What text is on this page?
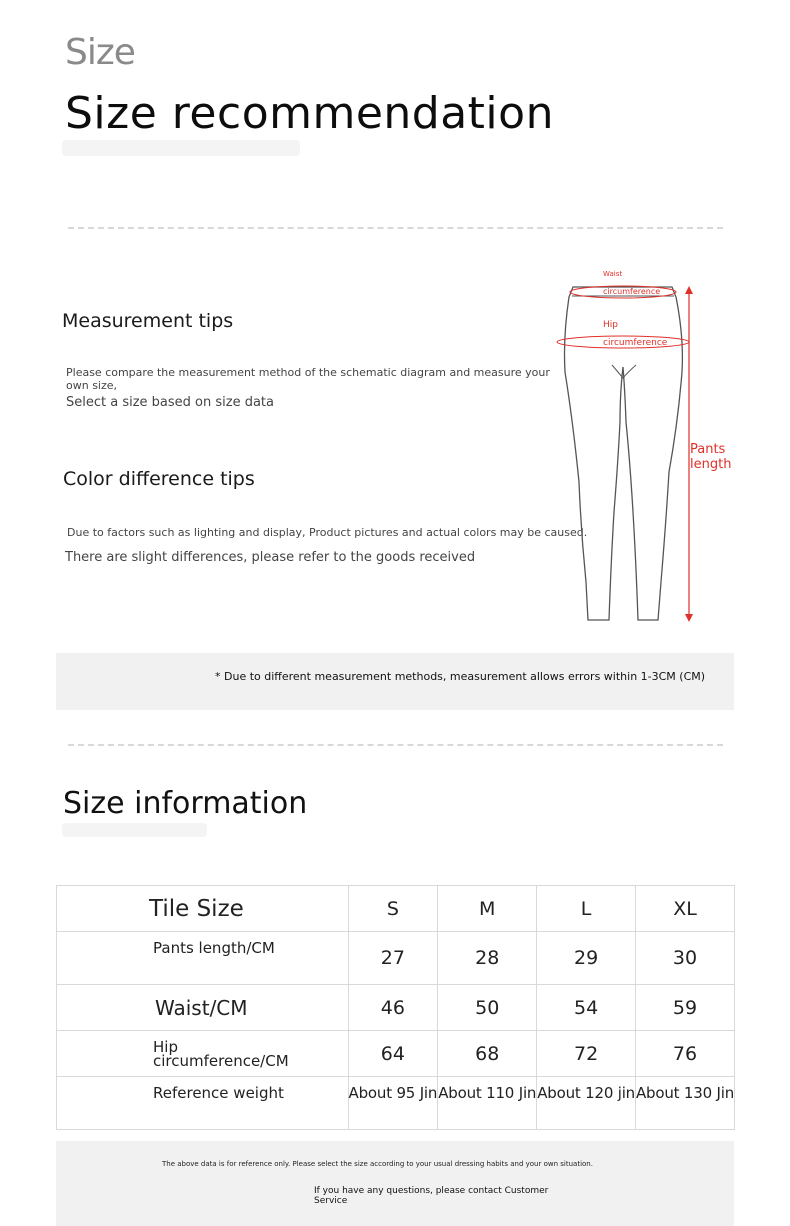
Size
Size recommendation
Measurement tips
Please compare the measurement method of the schematic diagram and measure your own size,
Select a size based on size data
Color difference tips
Due to factors such as lighting and display, Product pictures and actual colors may be caused.
There are slight differences, please refer to the goods received
Waist
circumference
Hip
circumference
Pants
length
* Due to different measurement methods, measurement allows errors within 1-3CM (CM)
Size information
Tile Size	S	M	L	XL
Pants length/CM	27	28	29	30
Waist/CM	46	50	54	59
Hip circumference/CM	64	68	72	76
Reference weight	About 95 Jin	About 110 Jin	About 120 jin	About 130 Jin
The above data is for reference only. Please select the size according to your usual dressing habits and your own situation.
If you have any questions, please contact Customer Service
